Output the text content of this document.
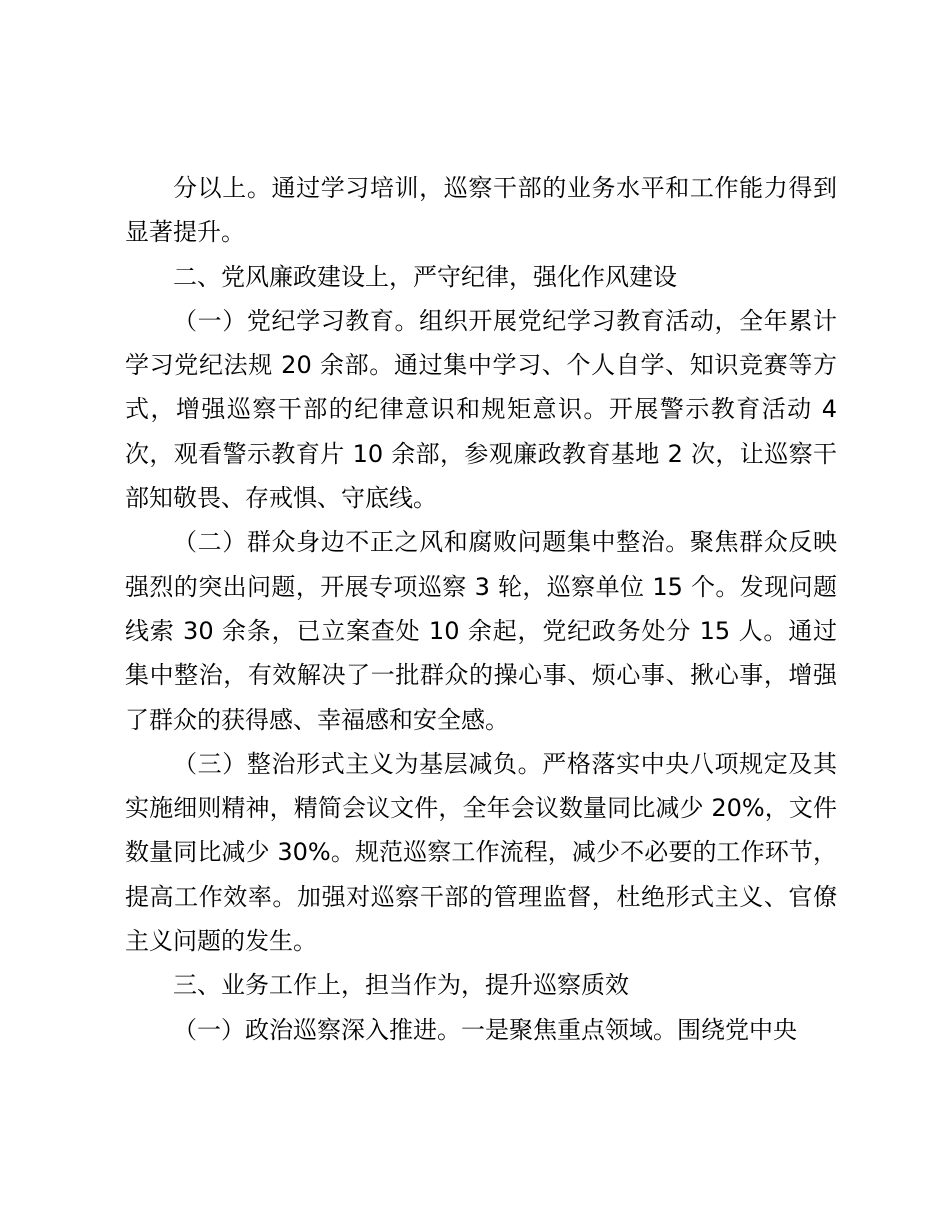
分以上。通过学习培训，巡察干部的业务水平和工作能力得到显著提升。

二、党风廉政建设上，严守纪律，强化作风建设

（一）党纪学习教育。组织开展党纪学习教育活动，全年累计学习党纪法规 20 余部。通过集中学习、个人自学、知识竞赛等方式，增强巡察干部的纪律意识和规矩意识。开展警示教育活动 4 次，观看警示教育片 10 余部，参观廉政教育基地 2 次，让巡察干部知敬畏、存戒惧、守底线。

（二）群众身边不正之风和腐败问题集中整治。聚焦群众反映强烈的突出问题，开展专项巡察 3 轮，巡察单位 15 个。发现问题线索 30 余条，已立案查处 10 余起，党纪政务处分 15 人。通过集中整治，有效解决了一批群众的操心事、烦心事、揪心事，增强了群众的获得感、幸福感和安全感。

（三）整治形式主义为基层减负。严格落实中央八项规定及其实施细则精神，精简会议文件，全年会议数量同比减少 20%，文件数量同比减少 30%。规范巡察工作流程，减少不必要的工作环节，提高工作效率。加强对巡察干部的管理监督，杜绝形式主义、官僚主义问题的发生。

三、业务工作上，担当作为，提升巡察质效

（一）政治巡察深入推进。一是聚焦重点领域。围绕党中央
